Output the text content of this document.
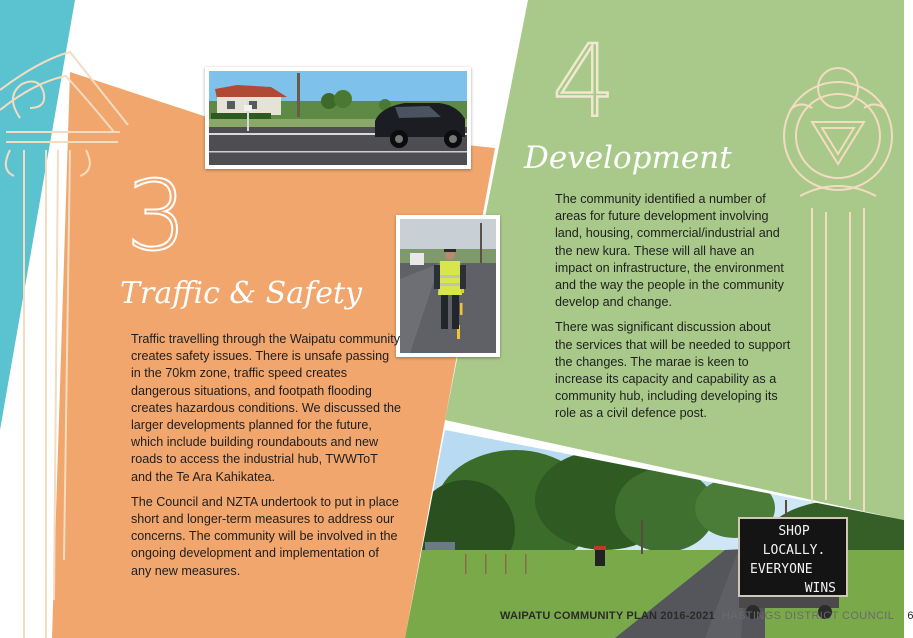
3
4
Traffic & Safety
Development
SHOP LOCALLY.
EVERYONE
WINS

Traffic travelling through the Waipatu community creates safety issues. There is unsafe passing in the 70km zone, traffic speed creates dangerous situations, and footpath flooding creates hazardous conditions. We discussed the larger developments planned for the future, which include building roundabouts and new roads to access the industrial hub, TWWToT and the Te Ara Kahikatea.

The Council and NZTA undertook to put in place short and longer-term measures to address our concerns. The community will be involved in the ongoing development and implementation of any new measures.

The community identified a number of areas for future development involving land, housing, commercial/industrial and the new kura. These will all have an impact on infrastructure, the environment and the way the people in the community develop and change.

There was significant discussion about the services that will be needed to support the changes. The marae is keen to increase its capacity and capability as a community hub, including developing its role as a civil defence post.

WAIPATU COMMUNITY PLAN 2016-2021 HASTINGS DISTRICT COUNCIL 6
